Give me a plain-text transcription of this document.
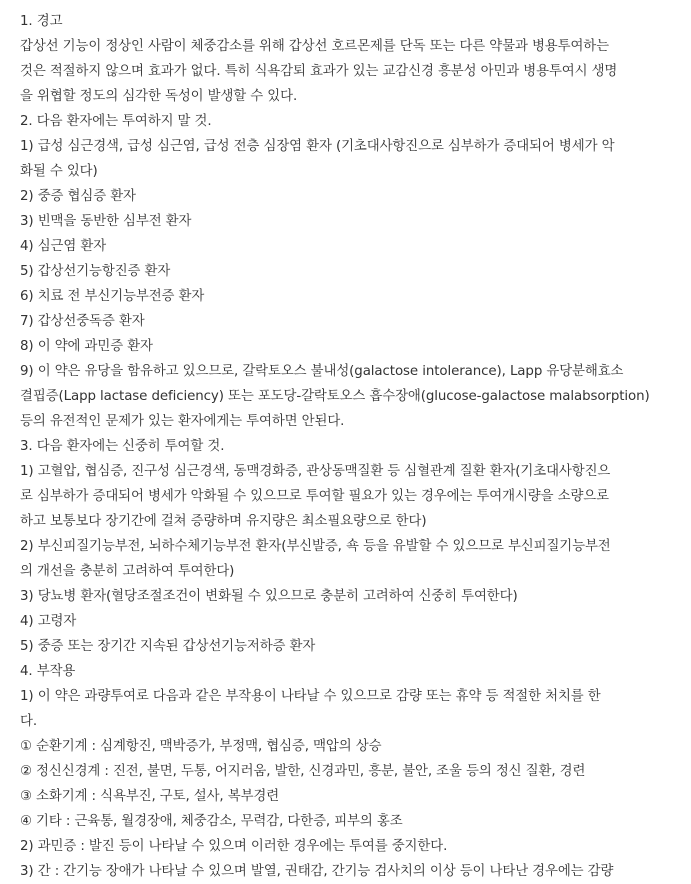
1. 경고
갑상선 기능이 정상인 사람이 체중감소를 위해 갑상선 호르몬제를 단독 또는 다른 약물과 병용투여하는
것은 적절하지 않으며 효과가 없다. 특히 식욕감퇴 효과가 있는 교감신경 흥분성 아민과 병용투여시 생명
을 위협할 정도의 심각한 독성이 발생할 수 있다.
2. 다음 환자에는 투여하지 말 것.
1) 급성 심근경색, 급성 심근염, 급성 전층 심장염 환자 (기초대사항진으로 심부하가 증대되어 병세가 악
화될 수 있다)
2) 중증 협심증 환자
3) 빈맥을 동반한 심부전 환자
4) 심근염 환자
5) 갑상선기능항진증 환자
6) 치료 전 부신기능부전증 환자
7) 갑상선중독증 환자
8) 이 약에 과민증 환자
9) 이 약은 유당을 함유하고 있으므로, 갈락토오스 불내성(galactose intolerance), Lapp 유당분해효소
결핍증(Lapp lactase deficiency) 또는 포도당-갈락토오스 흡수장애(glucose-galactose malabsorption)
등의 유전적인 문제가 있는 환자에게는 투여하면 안된다.
3. 다음 환자에는 신중히 투여할 것.
1) 고혈압, 협심증, 진구성 심근경색, 동맥경화증, 관상동맥질환 등 심혈관계 질환 환자(기초대사항진으
로 심부하가 증대되어 병세가 악화될 수 있으므로 투여할 필요가 있는 경우에는 투여개시량을 소량으로
하고 보통보다 장기간에 걸쳐 증량하며 유지량은 최소필요량으로 한다)
2) 부신피질기능부전, 뇌하수체기능부전 환자(부신발증, 쇽 등을 유발할 수 있으므로 부신피질기능부전
의 개선을 충분히 고려하여 투여한다)
3) 당뇨병 환자(혈당조절조건이 변화될 수 있으므로 충분히 고려하여 신중히 투여한다)
4) 고령자
5) 중증 또는 장기간 지속된 갑상선기능저하증 환자
4. 부작용
1) 이 약은 과량투여로 다음과 같은 부작용이 나타날 수 있으므로 감량 또는 휴약 등 적절한 처치를 한
다.
① 순환기계 : 심계항진, 맥박증가, 부정맥, 협심증, 맥압의 상승
② 정신신경계 : 진전, 불면, 두통, 어지러움, 발한, 신경과민, 흥분, 불안, 조울 등의 정신 질환, 경련
③ 소화기계 : 식욕부진, 구토, 설사, 복부경련
④ 기타 : 근육통, 월경장애, 체중감소, 무력감, 다한증, 피부의 홍조
2) 과민증 : 발진 등이 나타날 수 있으며 이러한 경우에는 투여를 중지한다.
3) 간 : 간기능 장애가 나타날 수 있으며 발열, 권태감, 간기능 검사치의 이상 등이 나타난 경우에는 감량
